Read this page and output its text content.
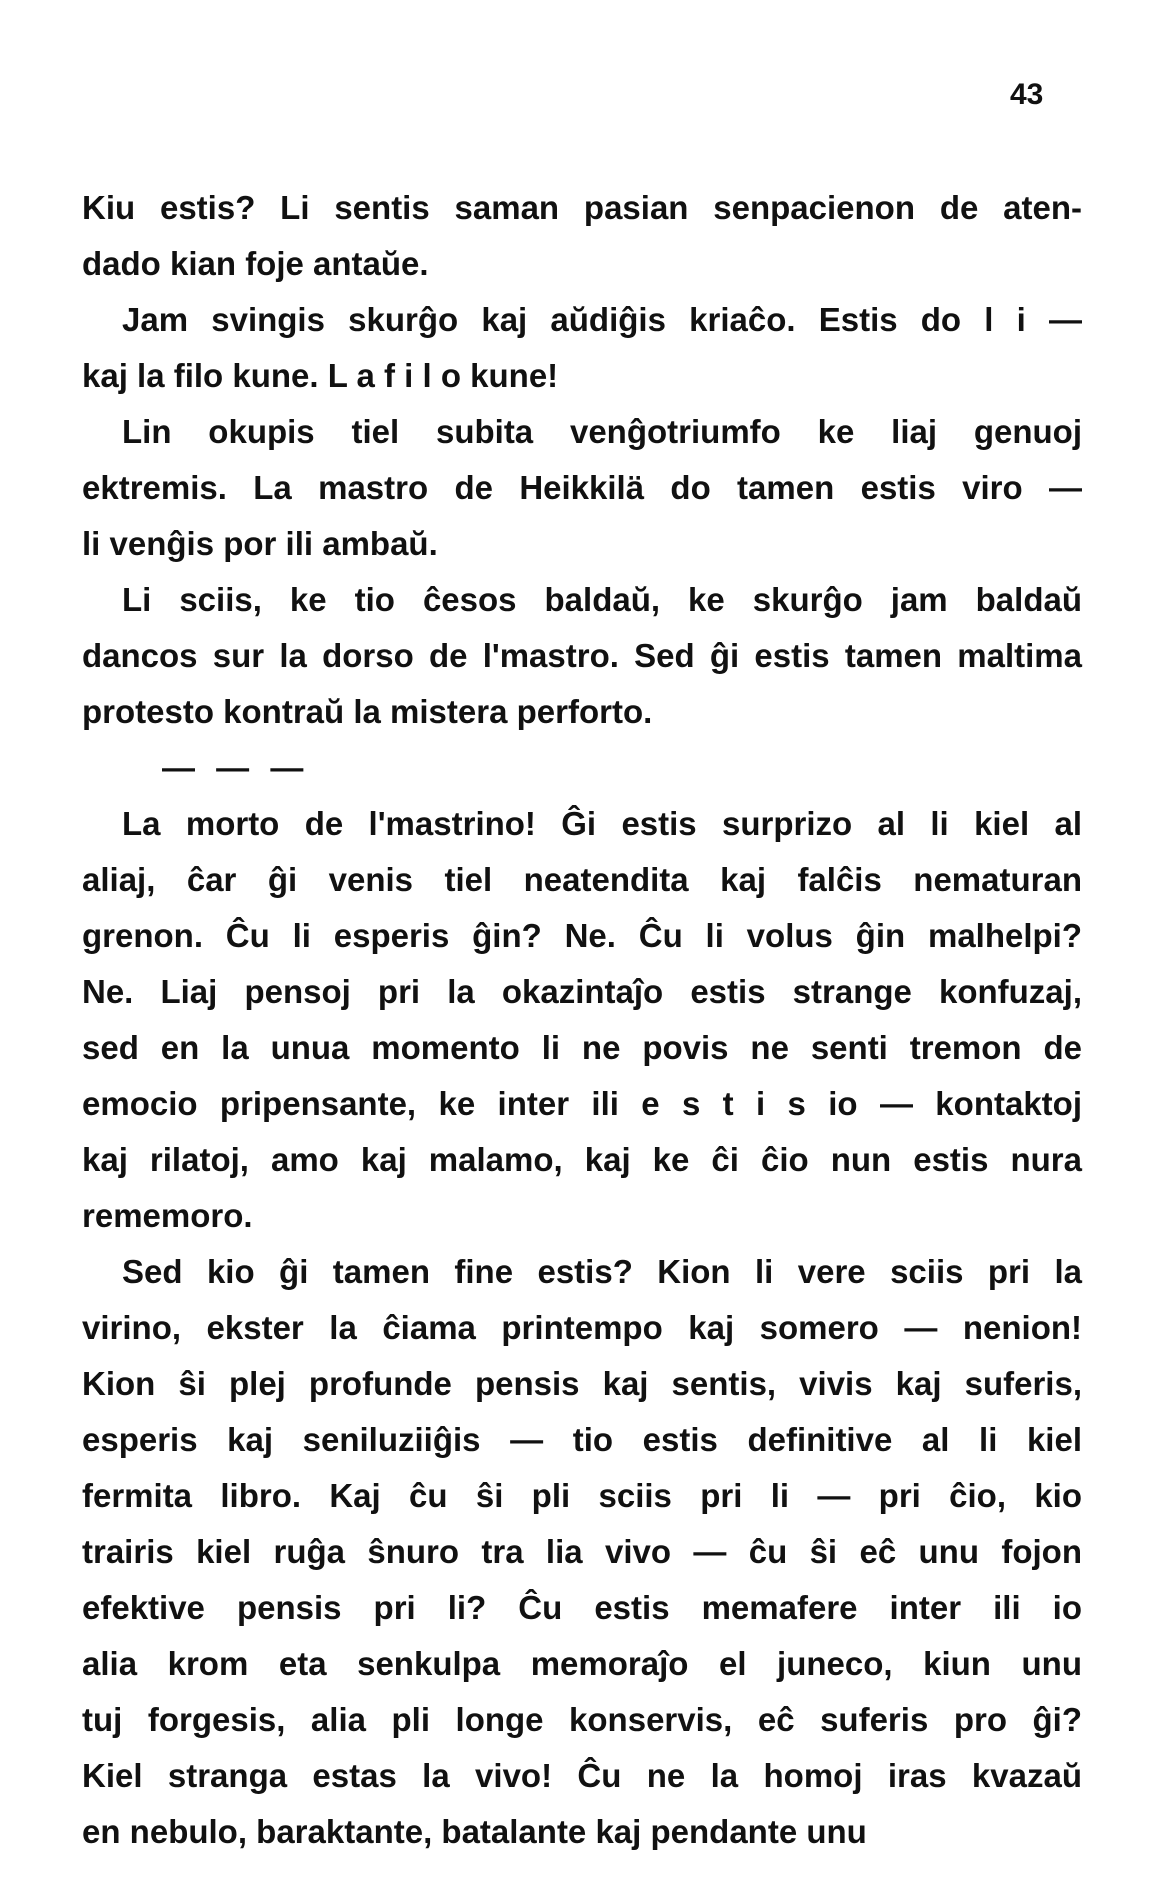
43
Kiu estis? Li sentis saman pasian senpacienon de aten-
dado kian foje antaŭe.
Jam svingis skurĝo kaj aŭdiĝis kriaĉo. Estis do l i —
kaj la filo kune. L a f i l o kune!
Lin okupis tiel subita venĝotriumfo ke liaj genuoj
ektremis. La mastro de Heikkilä do tamen estis viro —
li venĝis por ili ambaŭ.
Li sciis, ke tio ĉesos baldaŭ, ke skurĝo jam baldaŭ
dancos sur la dorso de l'mastro. Sed ĝi estis tamen maltima
protesto kontraŭ la mistera perforto.
— — —
La morto de l'mastrino! Ĝi estis surprizo al li kiel al
aliaj, ĉar ĝi venis tiel neatendita kaj falĉis nematuran
grenon. Ĉu li esperis ĝin? Ne. Ĉu li volus ĝin malhelpi?
Ne. Liaj pensoj pri la okazintaĵo estis strange konfuzaj,
sed en la unua momento li ne povis ne senti tremon de
emocio pripensante, ke inter ili e s t i s io — kontaktoj
kaj rilatoj, amo kaj malamo, kaj ke ĉi ĉio nun estis nura
rememoro.
Sed kio ĝi tamen fine estis? Kion li vere sciis pri la
virino, ekster la ĉiama printempo kaj somero — nenion!
Kion ŝi plej profunde pensis kaj sentis, vivis kaj suferis,
esperis kaj seniluziiĝis — tio estis definitive al li kiel
fermita libro. Kaj ĉu ŝi pli sciis pri li — pri ĉio, kio
trairis kiel ruĝa ŝnuro tra lia vivo — ĉu ŝi eĉ unu fojon
efektive pensis pri li? Ĉu estis memafere inter ili io
alia krom eta senkulpa memoraĵo el juneco, kiun unu
tuj forgesis, alia pli longe konservis, eĉ suferis pro ĝi?
Kiel stranga estas la vivo! Ĉu ne la homoj iras kvazaŭ
en nebulo, baraktante, batalante kaj pendante unu
